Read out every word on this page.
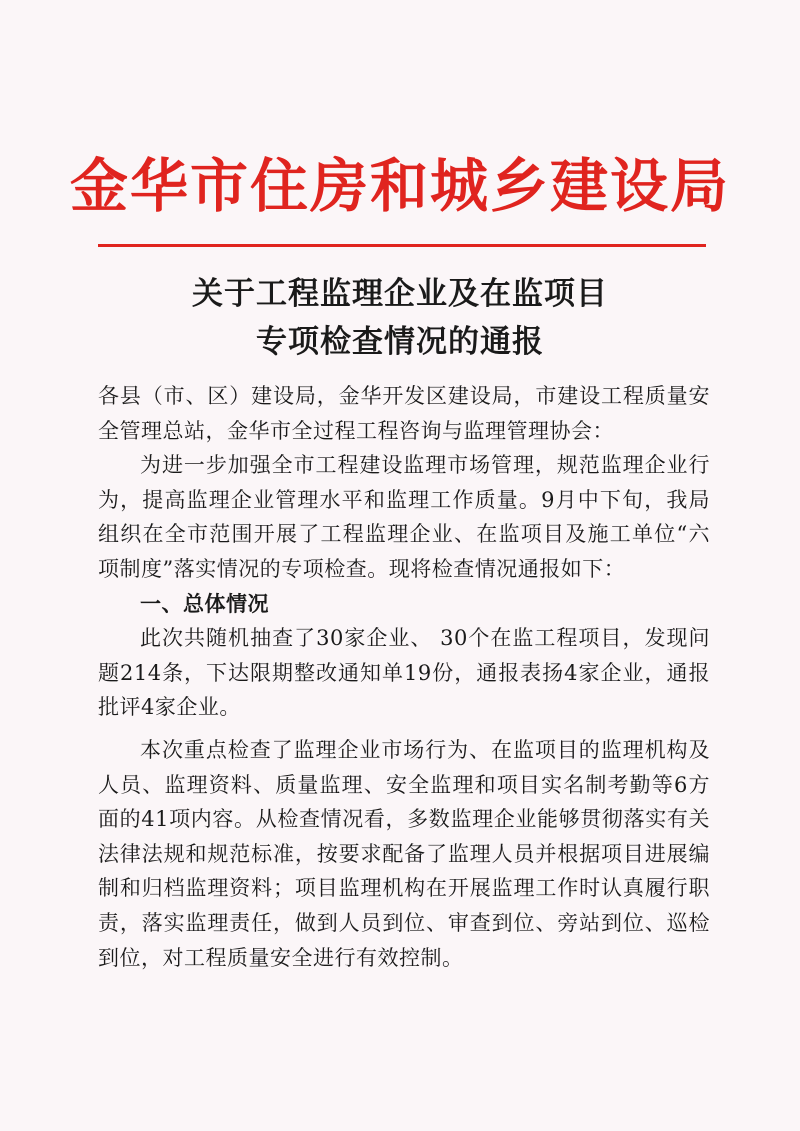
金华市住房和城乡建设局
关于工程监理企业及在监项目
专项检查情况的通报

各县（市、区）建设局，金华开发区建设局，市建设工程质量安全管理总站，金华市全过程工程咨询与监理管理协会：

为进一步加强全市工程建设监理市场管理，规范监理企业行为，提高监理企业管理水平和监理工作质量。9月中下旬，我局组织在全市范围开展了工程监理企业、在监项目及施工单位“六项制度”落实情况的专项检查。现将检查情况通报如下：

一、总体情况

此次共随机抽查了30家企业、 30个在监工程项目，发现问题214条，下达限期整改通知单19份，通报表扬4家企业，通报批评4家企业。

本次重点检查了监理企业市场行为、在监项目的监理机构及人员、监理资料、质量监理、安全监理和项目实名制考勤等6方面的41项内容。从检查情况看，多数监理企业能够贯彻落实有关法律法规和规范标准，按要求配备了监理人员并根据项目进展编制和归档监理资料；项目监理机构在开展监理工作时认真履行职责，落实监理责任，做到人员到位、审查到位、旁站到位、巡检到位，对工程质量安全进行有效控制。
